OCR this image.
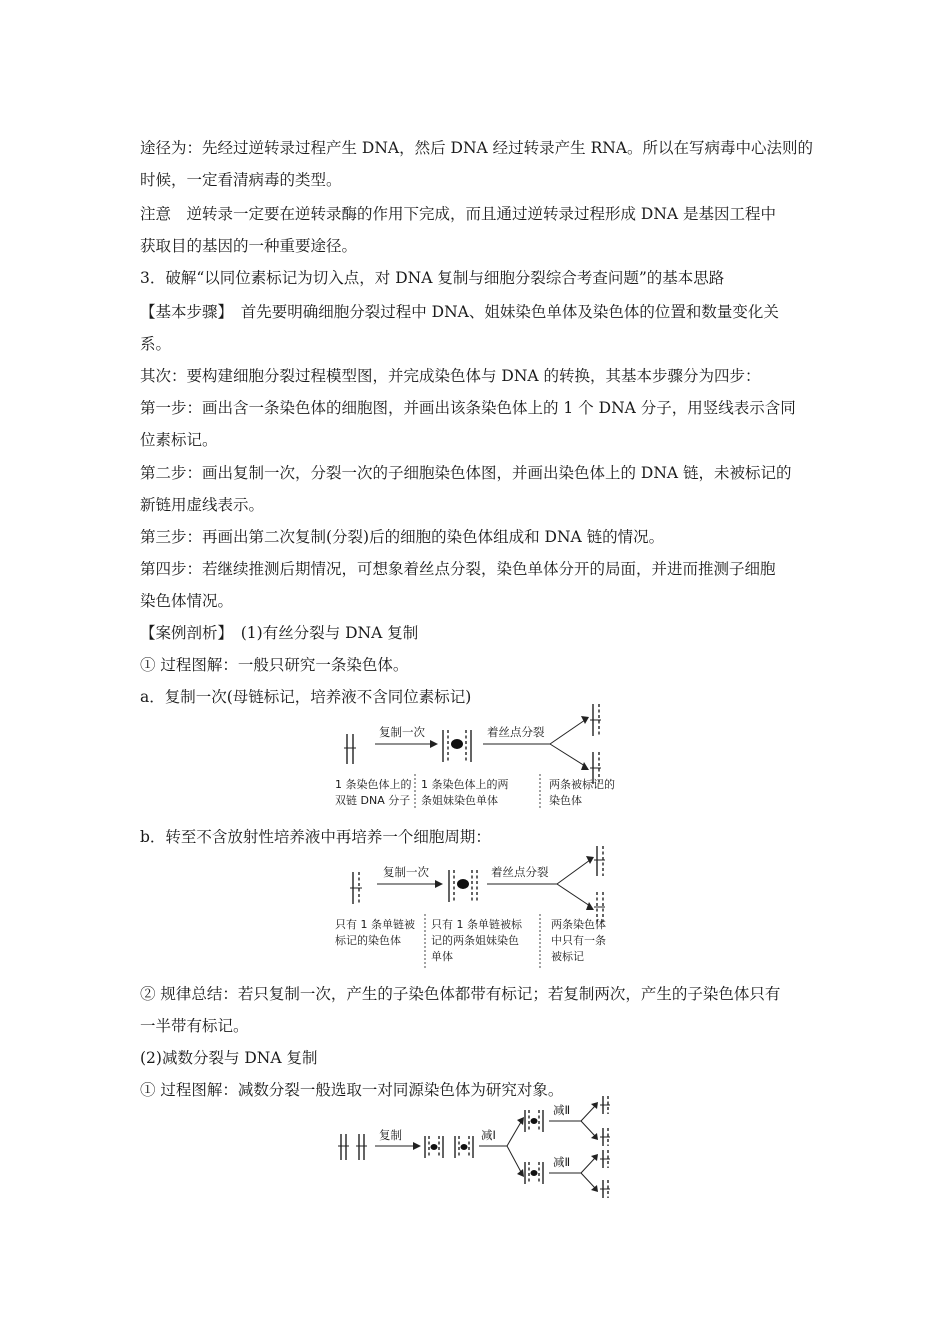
途径为：先经过逆转录过程产生 DNA，然后 DNA 经过转录产生 RNA。所以在写病毒中心法则的
时候，一定看清病毒的类型。
注意　逆转录一定要在逆转录酶的作用下完成，而且通过逆转录过程形成 DNA 是基因工程中
获取目的基因的一种重要途径。
3．破解“以同位素标记为切入点，对 DNA 复制与细胞分裂综合考查问题”的基本思路
【基本步骤】　首先要明确细胞分裂过程中 DNA、姐妹染色单体及染色体的位置和数量变化关
系。
其次：要构建细胞分裂过程模型图，并完成染色体与 DNA 的转换，其基本步骤分为四步：
第一步：画出含一条染色体的细胞图，并画出该条染色体上的 1 个 DNA 分子，用竖线表示含同
位素标记。
第二步：画出复制一次，分裂一次的子细胞染色体图，并画出染色体上的 DNA 链，未被标记的
新链用虚线表示。
第三步：再画出第二次复制(分裂)后的细胞的染色体组成和 DNA 链的情况。
第四步：若继续推测后期情况，可想象着丝点分裂，染色单体分开的局面，并进而推测子细胞
染色体情况。
【案例剖析】　(1)有丝分裂与 DNA 复制
① 过程图解：一般只研究一条染色体。
a．复制一次(母链标记，培养液不含同位素标记)
复制一次	着丝点分裂
1 条染色体上的
双链 DNA 分子
1 条染色体上的两
条姐妹染色单体
两条被标记的
染色体
b．转至不含放射性培养液中再培养一个细胞周期：
复制一次	着丝点分裂
只有 1 条单链被
标记的染色体
只有 1 条单链被标
记的两条姐妹染色
单体
两条染色体
中只有一条
被标记
② 规律总结：若只复制一次，产生的子染色体都带有标记；若复制两次，产生的子染色体只有
一半带有标记。
(2)减数分裂与 DNA 复制
① 过程图解：减数分裂一般选取一对同源染色体为研究对象。
复制	减Ⅰ
减Ⅱ
减Ⅱ
